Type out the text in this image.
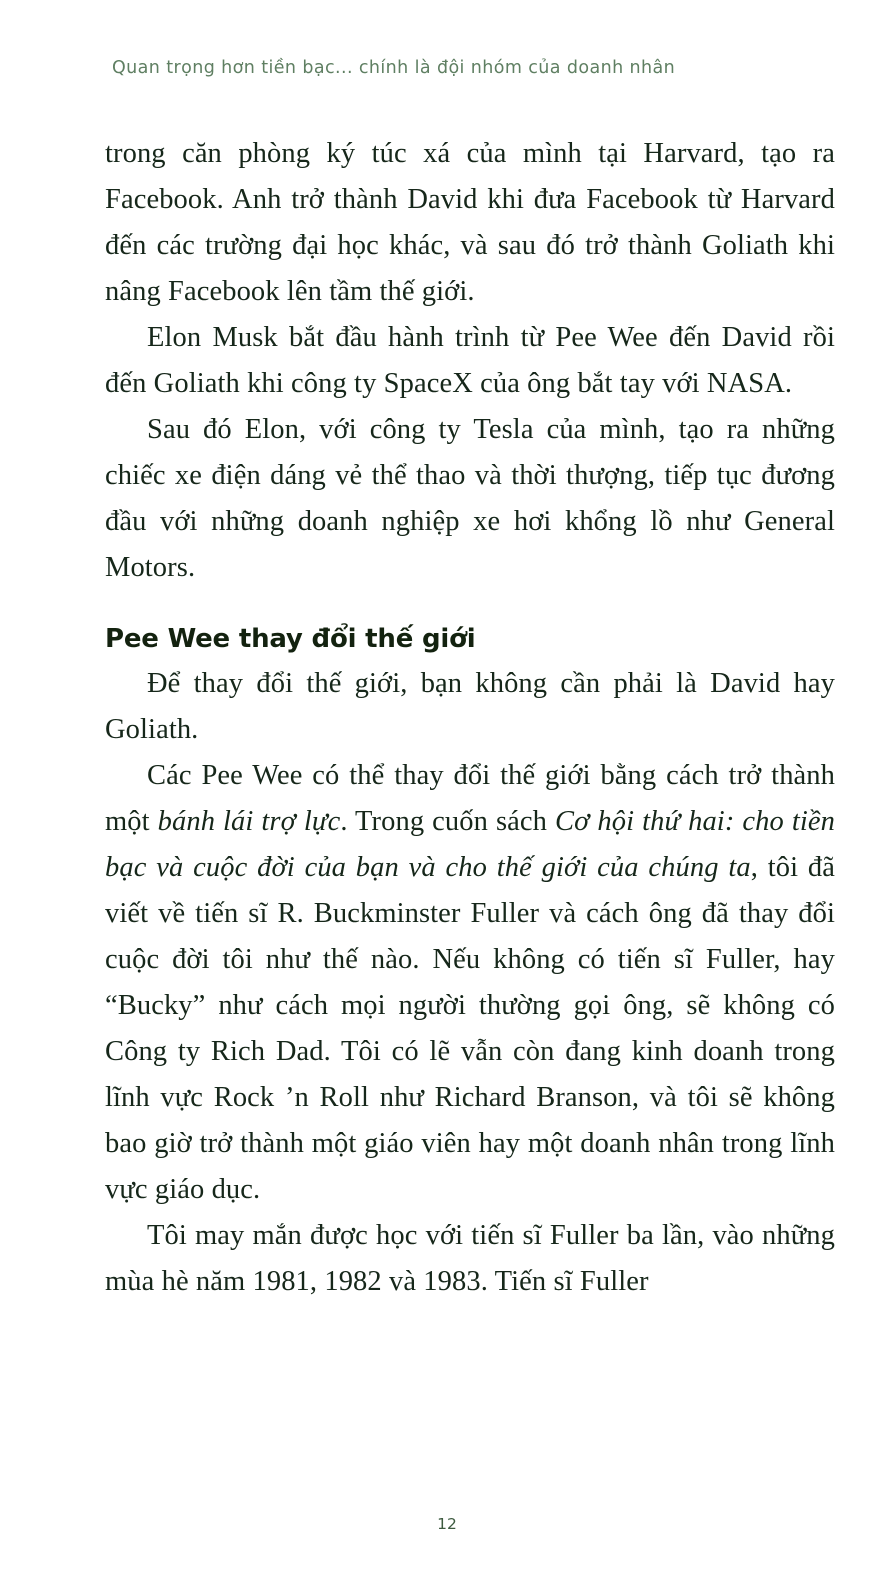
Quan trọng hơn tiền bạc... chính là đội nhóm của doanh nhân

trong căn phòng ký túc xá của mình tại Harvard, tạo ra Facebook. Anh trở thành David khi đưa Facebook từ Harvard đến các trường đại học khác, và sau đó trở thành Goliath khi nâng Facebook lên tầm thế giới.

Elon Musk bắt đầu hành trình từ Pee Wee đến David rồi đến Goliath khi công ty SpaceX của ông bắt tay với NASA.

Sau đó Elon, với công ty Tesla của mình, tạo ra những chiếc xe điện dáng vẻ thể thao và thời thượng, tiếp tục đương đầu với những doanh nghiệp xe hơi khổng lồ như General Motors.

Pee Wee thay đổi thế giới

Để thay đổi thế giới, bạn không cần phải là David hay Goliath.

Các Pee Wee có thể thay đổi thế giới bằng cách trở thành một bánh lái trợ lực. Trong cuốn sách Cơ hội thứ hai: cho tiền bạc và cuộc đời của bạn và cho thế giới của chúng ta, tôi đã viết về tiến sĩ R. Buckminster Fuller và cách ông đã thay đổi cuộc đời tôi như thế nào. Nếu không có tiến sĩ Fuller, hay “Bucky” như cách mọi người thường gọi ông, sẽ không có Công ty Rich Dad. Tôi có lẽ vẫn còn đang kinh doanh trong lĩnh vực Rock ’n Roll như Richard Branson, và tôi sẽ không bao giờ trở thành một giáo viên hay một doanh nhân trong lĩnh vực giáo dục.

Tôi may mắn được học với tiến sĩ Fuller ba lần, vào những mùa hè năm 1981, 1982 và 1983. Tiến sĩ Fuller

12
